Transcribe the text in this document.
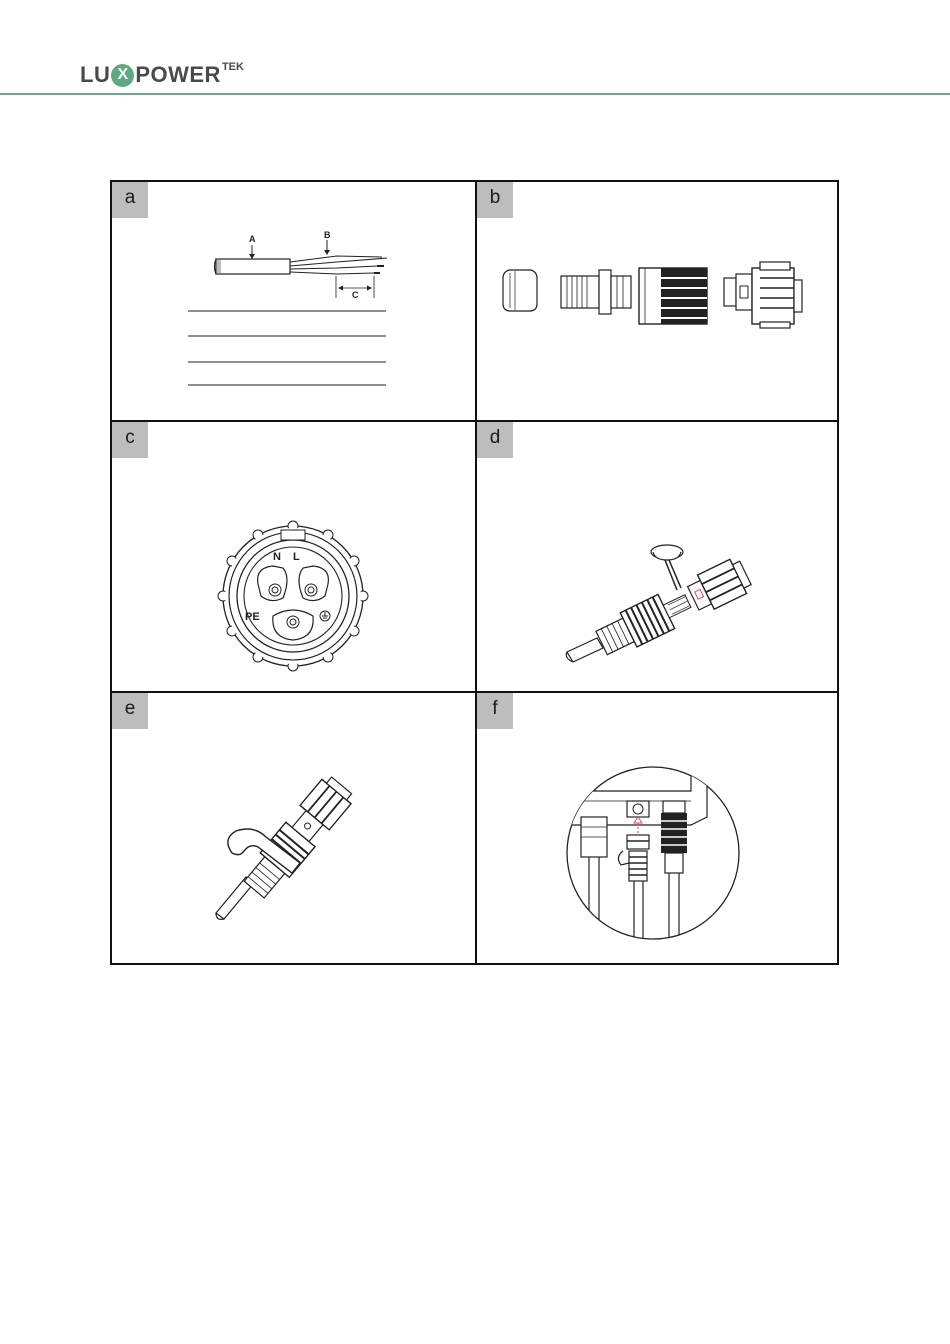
LU X POWER TEK
a
A	B
C
b
c
N L
PE
d
e	f
